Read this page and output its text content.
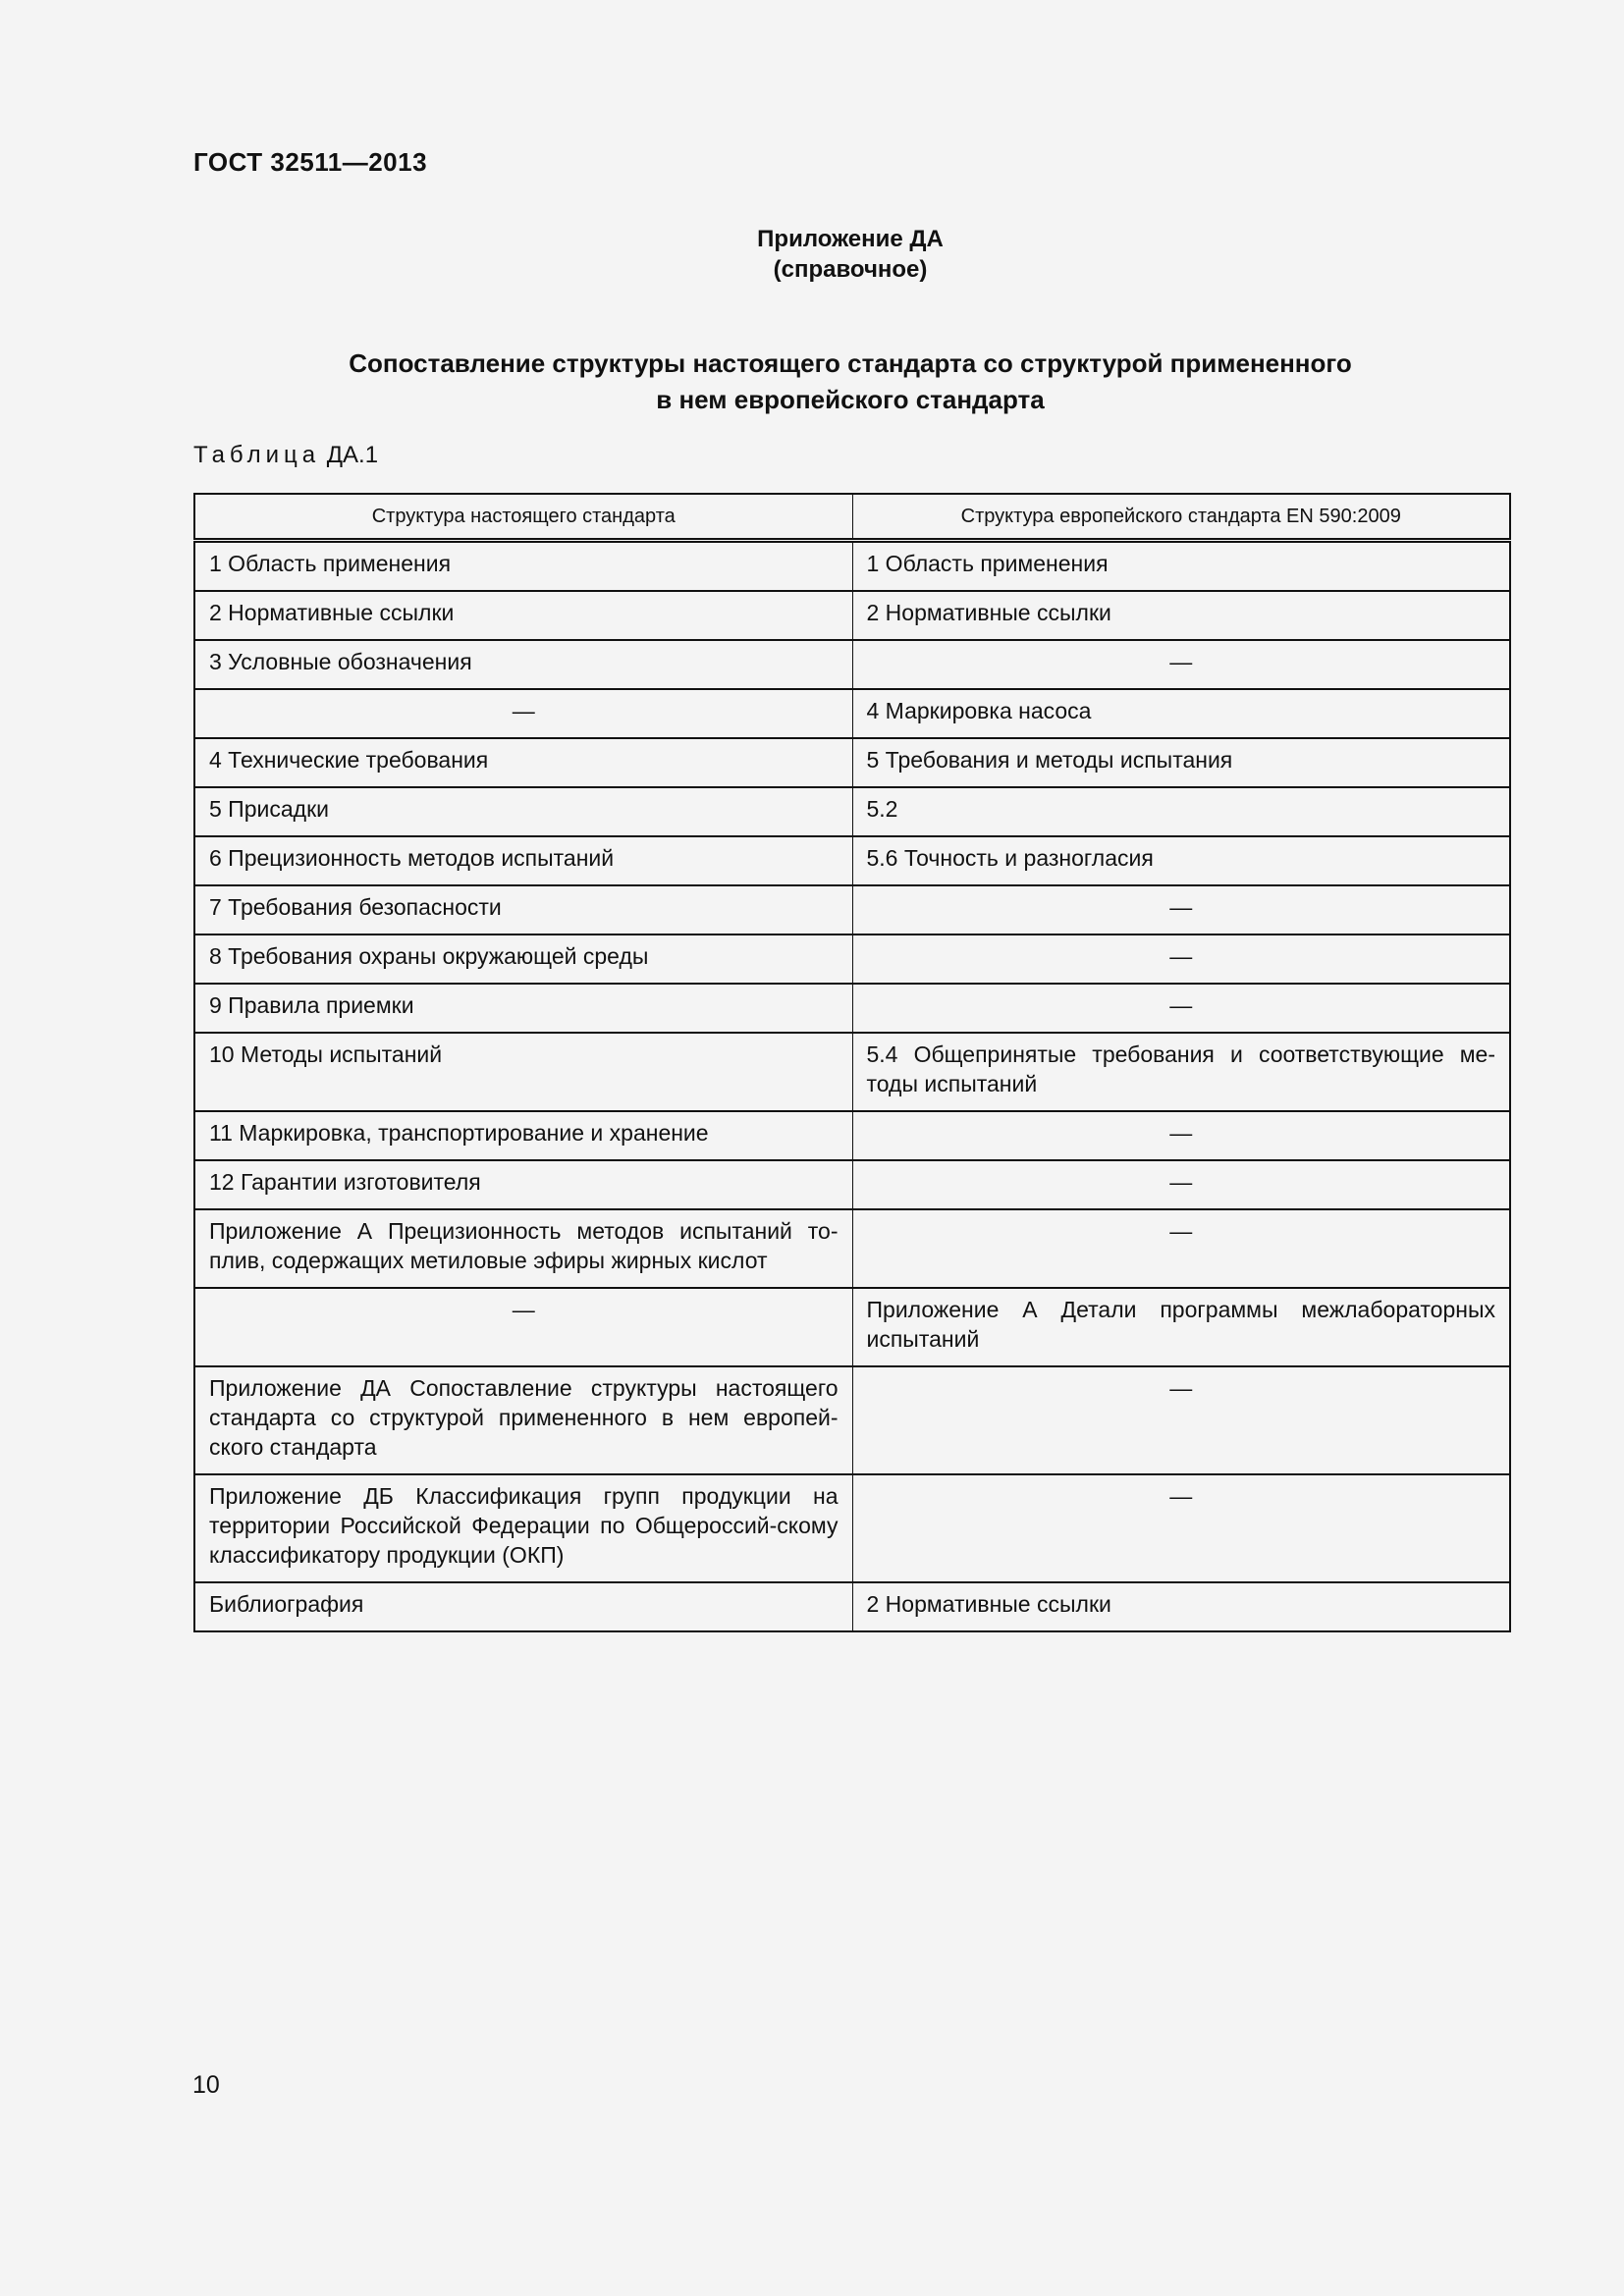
ГОСТ 32511—2013
Приложение ДА
(справочное)
Сопоставление структуры настоящего стандарта со структурой примененного
в нем европейского стандарта
Таблица ДА.1
Структура настоящего стандарта	Структура европейского стандарта EN 590:2009
1 Область применения	1 Область применения
2 Нормативные ссылки	2 Нормативные ссылки
3 Условные обозначения	—
—	4 Маркировка насоса
4 Технические требования	5 Требования и методы испытания
5 Присадки	5.2
6 Прецизионность методов испытаний	5.6 Точность и разногласия
7 Требования безопасности	—
8 Требования охраны окружающей среды	—
9 Правила приемки	—
10 Методы испытаний	5.4 Общепринятые требования и соответствующие ме-тоды испытаний
11 Маркировка, транспортирование и хранение	—
12 Гарантии изготовителя	—
Приложение А Прецизионность методов испытаний то-плив, содержащих метиловые эфиры жирных кислот	—
—	Приложение А Детали программы межлабораторных испытаний
Приложение ДА Сопоставление структуры настоящего стандарта со структурой примененного в нем европей-ского стандарта	—
Приложение ДБ Классификация групп продукции на территории Российской Федерации по Общероссий-скому классификатору продукции (ОКП)	—
Библиография	2 Нормативные ссылки
10
